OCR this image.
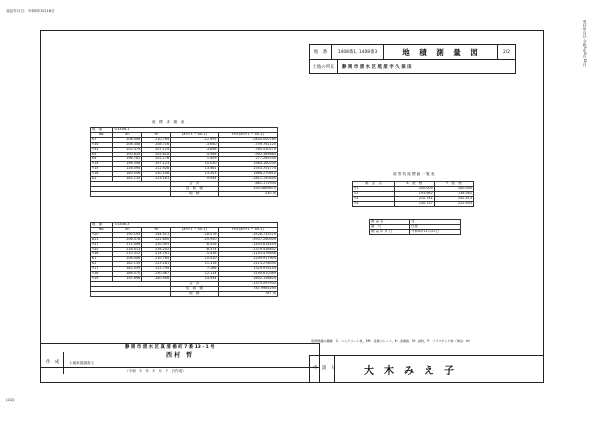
登記年月日：令和5年5月18日
受付年月日 令和5年5月18日
地　番	1408番1, 1408番3	地　積　測　量　図	2/2
土地の所在	静 岡 市 清 水 区 尾 原 字 久 保 田
座　標　求　積　表
地　番	①1408-1			
No.	Xn	Yn	(Xn+1 − Xn-1)	Yn×(Xn+1 − Xn-1)
K1	206.006	210.764	-12.495	-2635.000780
Y34	206.308	208.716	-3.640	-759.761120
Y33	202.379	207.124	-3.696	-765.530270
K5	200.839	205.818	-4.946	-992.389660
K4	196.782	202.176	1.409	277.265200
Y14	198.308	207.123	10.030	1984.160200
Y15	116.594	212.928	13.461	2353.701774
Y16	180.506	220.108	13.203	1866.270610
K2	182.135	223.181	-9.944	-1811.150440
			合　計	-661.172934
			倍　面　積	330.5869670
			地　積	330 ㎡
地　番	①1408-3			
No.	Xn	Yn	(Xn+1 − Xn-1)	Yn×(Xn+1 − Xn-1)
Y20	190.195	244.511	-18.078	-3528.735219
A21	206.378	222.600	-25.950	-5937.260009
Y37	212.006	220.391	-6.528	-1403.614459
Y35	216.413	216.202	-6.374	-1379.416402
Y36	210.312	214.761	-5.438	-1143.476656
K1	206.006	210.764	10.410	2209.917904
K2	182.135	223.181	11.318	2113.276050
Y17	182.559	222.794	7.286	1329.976154
Y18	186.570	230.467	12.114	3194.670369
Y19	191.696	240.908	14.944	2602.156624
			合　計	-1575.097932
			倍　面　積	787.9985290
			地　積	787 ㎡
境 界 杭 座 標 値 一 覧 表
測　点　名	X　座　標	Y　座　標
Y1	200.000	200.000
Y2	193.962	138.562
Y3	210.741	242.413
Y4	230.737	222.453
測 量 名	北
縮　尺	任意
測 量 年 月 日	令和4年11月22日
作　成	土地家屋調査士
静 岡 市 清 水 区 真 清 楊 町 7 番 13 - 1 号
西 村　哲
（令和　5　年　5　月　7　日作成）
境界標識の種類　C：コンクリート杭，KM：金属プレート，K：金属鋲，M：鉄杭，P：プラスチック杭（単位：m）
申　請　人	大　木　み　え　子
(2/2)
